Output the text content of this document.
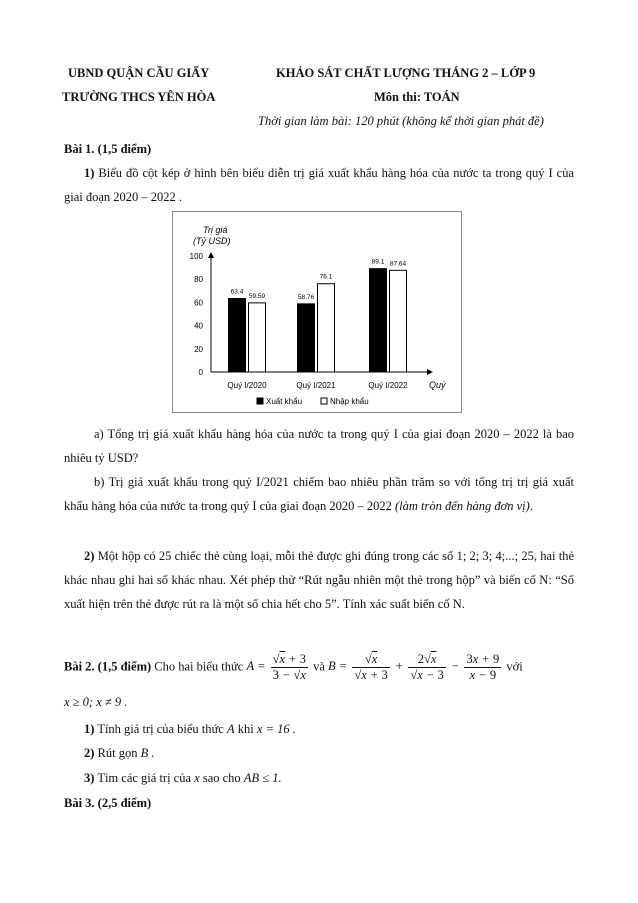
UBND QUẬN CẦU GIẤY
TRƯỜNG THCS YÊN HÒA
KHẢO SÁT CHẤT LƯỢNG THÁNG 2 – LỚP 9
Môn thi: TOÁN
Thời gian làm bài: 120 phút (không kể thời gian phát đề)
Bài 1. (1,5 điểm)
1) Biểu đồ cột kép ở hình bên biểu diễn trị giá xuất khẩu hàng hóa của nước ta trong quý I của giai đoạn 2020 – 2022 .
Trị giá
(Tỷ USD)
Quý
0
20
40
60
80
100
63.4
59.59	58.76
76.1
89.1 87.64
Quý I/2020	Quý I/2021	Quý I/2022
Xuất khẩu	Nhập khẩu
a) Tổng trị giá xuất khẩu hàng hóa của nước ta trong quý I của giai đoạn 2020 – 2022 là bao nhiêu tỷ USD?
b) Trị giá xuất khẩu trong quý I/2021 chiếm bao nhiêu phần trăm so với tổng trị trị giá xuất khẩu hàng hóa của nước ta trong quý I của giai đoạn 2020 – 2022 (làm tròn đến hàng đơn vị).
2) Một hộp có 25 chiếc thẻ cùng loại, mỗi thẻ được ghi đúng trong các số 1; 2; 3; 4;...; 25, hai thẻ khác nhau ghi hai số khác nhau. Xét phép thử “Rút ngẫu nhiên một thẻ trong hộp” và biến cố N: “Số xuất hiện trên thẻ được rút ra là một số chia hết cho 5”. Tính xác suất biến cố N.
Bài 2. (1,5 điểm) Cho hai biểu thức $A = \frac{√x + 3}{3 - √x}$ và $B = \frac{√x}{√x + 3} + \frac{2√x}{√x - 3} - \frac{3x + 9}{x - 9}$ với
x ≥ 0; x ≠ 9 .
1) Tính giá trị của biểu thức A khi x = 16 .
2) Rút gọn B .
3) Tìm các giá trị của x sao cho AB ≤ 1.
Bài 3. (2,5 điểm)
